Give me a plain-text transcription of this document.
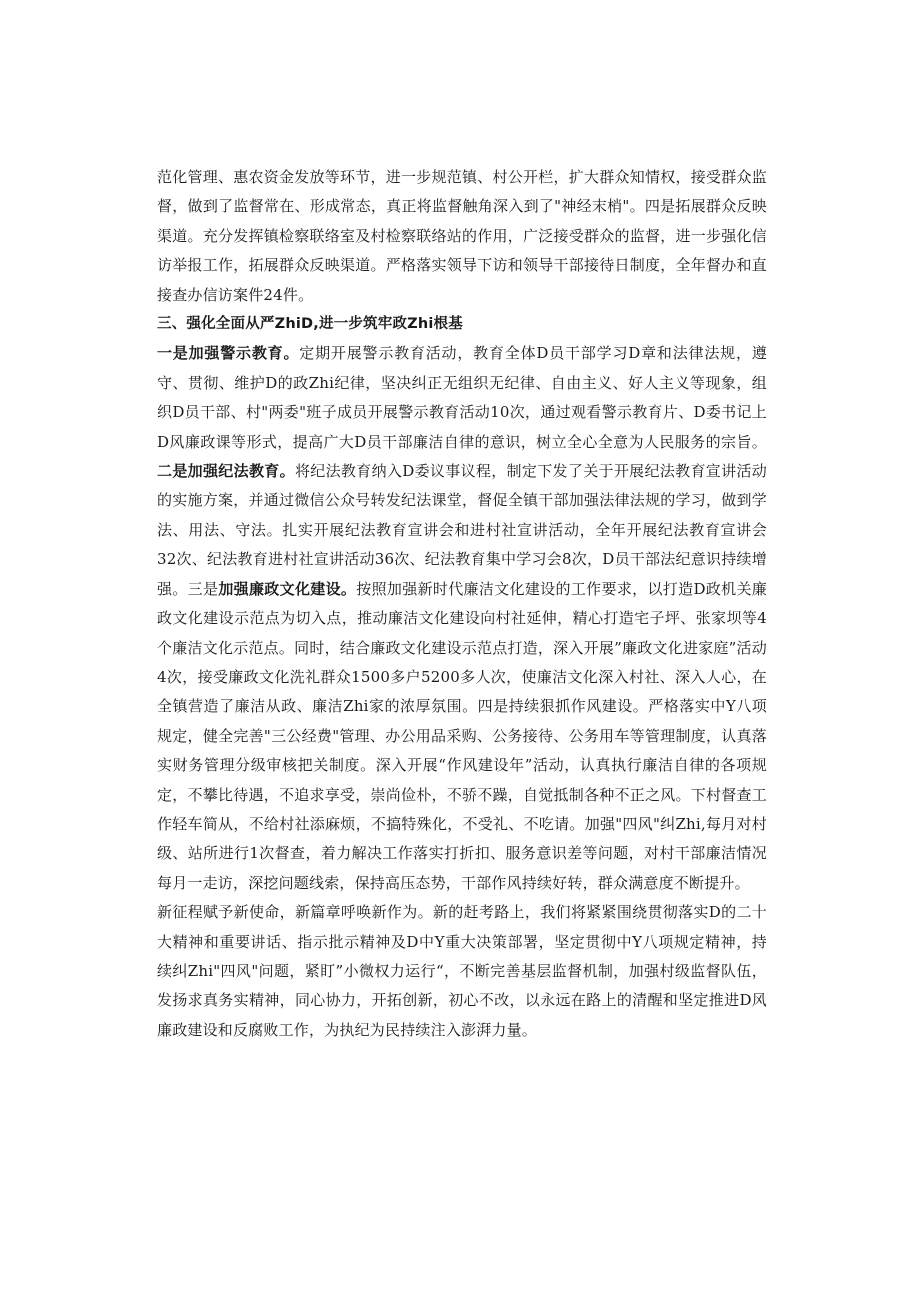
范化管理、惠农资金发放等环节，进一步规范镇、村公开栏，扩大群众知情权，接受群众监督，做到了监督常在、形成常态，真正将监督触角深入到了"神经末梢"。四是拓展群众反映渠道。充分发挥镇检察联络室及村检察联络站的作用，广泛接受群众的监督，进一步强化信访举报工作，拓展群众反映渠道。严格落实领导下访和领导干部接待日制度，全年督办和直接查办信访案件24件。

三、强化全面从严ZhiD,进一步筑牢政Zhi根基

一是加强警示教育。定期开展警示教育活动，教育全体D员干部学习D章和法律法规，遵守、贯彻、维护D的政Zhi纪律，坚决纠正无组织无纪律、自由主义、好人主义等现象，组织D员干部、村"两委"班子成员开展警示教育活动10次，通过观看警示教育片、D委书记上D风廉政课等形式，提高广大D员干部廉洁自律的意识，树立全心全意为人民服务的宗旨。二是加强纪法教育。将纪法教育纳入D委议事议程，制定下发了关于开展纪法教育宣讲活动的实施方案，并通过微信公众号转发纪法课堂，督促全镇干部加强法律法规的学习，做到学法、用法、守法。扎实开展纪法教育宣讲会和进村社宣讲活动，全年开展纪法教育宣讲会32次、纪法教育进村社宣讲活动36次、纪法教育集中学习会8次，D员干部法纪意识持续增强。三是加强廉政文化建设。按照加强新时代廉洁文化建设的工作要求，以打造D政机关廉政文化建设示范点为切入点，推动廉洁文化建设向村社延伸，精心打造宅子坪、张家坝等4个廉洁文化示范点。同时，结合廉政文化建设示范点打造，深入开展”廉政文化进家庭”活动4次，接受廉政文化洗礼群众1500多户5200多人次，使廉洁文化深入村社、深入人心，在全镇营造了廉洁从政、廉洁Zhi家的浓厚氛围。四是持续狠抓作风建设。严格落实中Y八项规定，健全完善"三公经费"管理、办公用品采购、公务接待、公务用车等管理制度，认真落实财务管理分级审核把关制度。深入开展“作风建设年”活动，认真执行廉洁自律的各项规定，不攀比待遇，不追求享受，崇尚俭朴，不骄不躁，自觉抵制各种不正之风。下村督查工作轻车简从，不给村社添麻烦，不搞特殊化，不受礼、不吃请。加强"四风"纠Zhi,每月对村级、站所进行1次督查，着力解决工作落实打折扣、服务意识差等问题，对村干部廉洁情况每月一走访，深挖问题线索，保持高压态势，干部作风持续好转，群众满意度不断提升。

新征程赋予新使命，新篇章呼唤新作为。新的赶考路上，我们将紧紧围绕贯彻落实D的二十大精神和重要讲话、指示批示精神及D中Y重大决策部署，坚定贯彻中Y八项规定精神，持续纠Zhi"四风"问题，紧盯”小微权力运行“，不断完善基层监督机制，加强村级监督队伍，发扬求真务实精神，同心协力，开拓创新，初心不改，以永远在路上的清醒和坚定推进D风廉政建设和反腐败工作，为执纪为民持续注入澎湃力量。
